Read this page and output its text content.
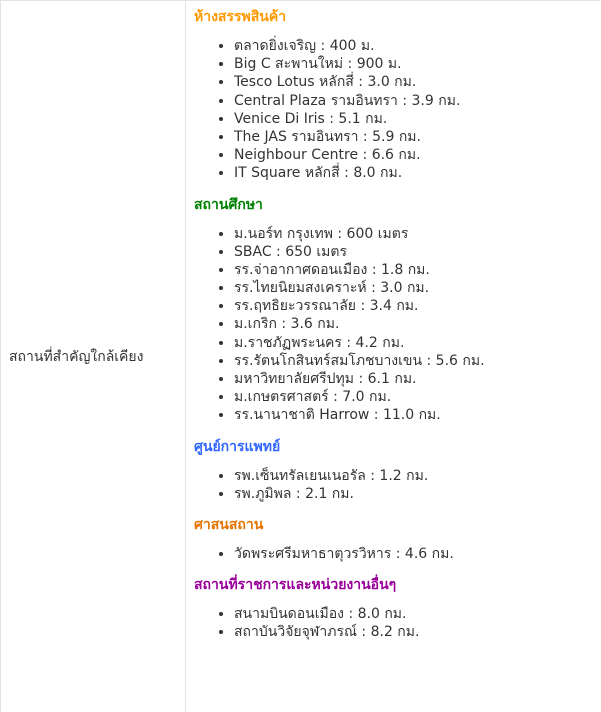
สถานที่สำคัญใกล้เคียง
ห้างสรรพสินค้า
• ตลาดยิ่งเจริญ : 400 ม.
• Big C สะพานใหม่ : 900 ม.
• Tesco Lotus หลักสี่ : 3.0 กม.
• Central Plaza รามอินทรา : 3.9 กม.
• Venice Di Iris : 5.1 กม.
• The JAS รามอินทรา : 5.9 กม.
• Neighbour Centre : 6.6 กม.
• IT Square หลักสี่ : 8.0 กม.
สถานศึกษา
• ม.นอร์ท กรุงเทพ : 600 เมตร
• SBAC : 650 เมตร
• รร.จ่าอากาศดอนเมือง : 1.8 กม.
• รร.ไทยนิยมสงเคราะห์ : 3.0 กม.
• รร.ฤทธิยะวรรณาลัย : 3.4 กม.
• ม.เกริก : 3.6 กม.
• ม.ราชภัฏพระนคร : 4.2 กม.
• รร.รัตนโกสินทร์สมโภชบางเขน : 5.6 กม.
• มหาวิทยาลัยศรีปทุม : 6.1 กม.
• ม.เกษตรศาสตร์ : 7.0 กม.
• รร.นานาชาติ Harrow : 11.0 กม.
ศูนย์การแพทย์
• รพ.เซ็นทรัลเยนเนอรัล : 1.2 กม.
• รพ.ภูมิพล : 2.1 กม.
ศาสนสถาน
• วัดพระศรีมหาธาตุวรวิหาร : 4.6 กม.
สถานที่ราชการและหน่วยงานอื่นๆ
• สนามบินดอนเมือง : 8.0 กม.
• สถาบันวิจัยจุฬาภรณ์ : 8.2 กม.
